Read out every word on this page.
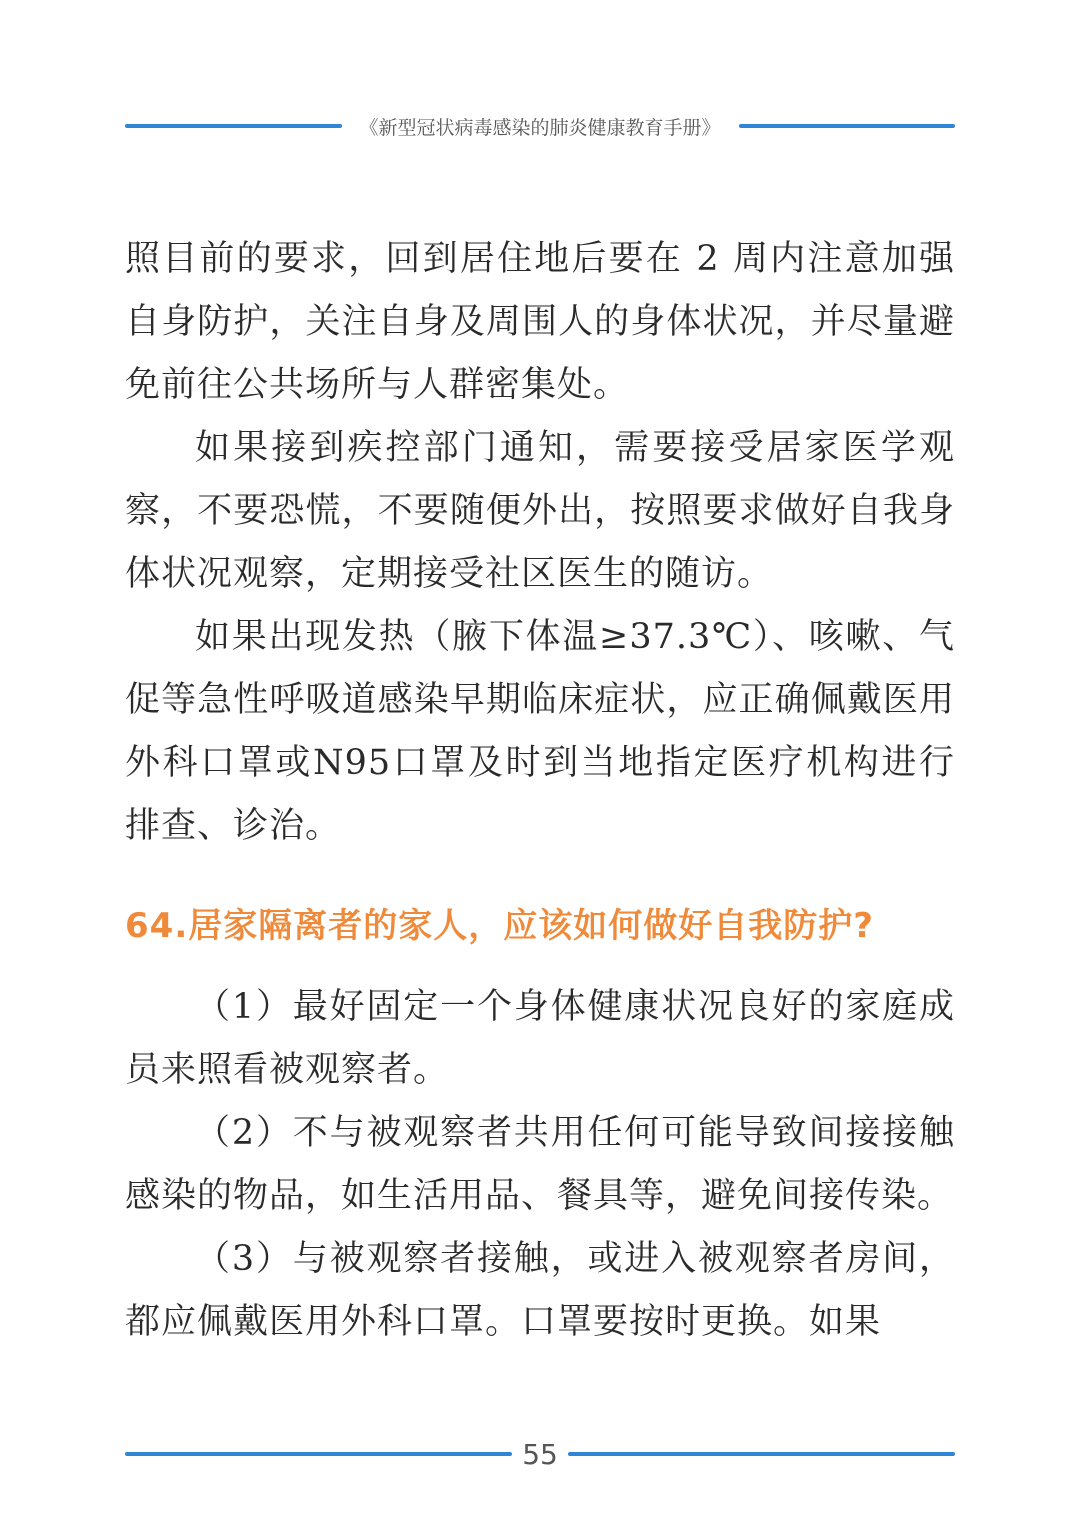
《新型冠状病毒感染的肺炎健康教育手册》

照目前的要求，回到居住地后要在 2 周内注意加强自身防护，关注自身及周围人的身体状况，并尽量避免前往公共场所与人群密集处。

如果接到疾控部门通知，需要接受居家医学观察，不要恐慌，不要随便外出，按照要求做好自我身体状况观察，定期接受社区医生的随访。

如果出现发热（腋下体温≥37.3℃）、咳嗽、气促等急性呼吸道感染早期临床症状，应正确佩戴医用外科口罩或N95口罩及时到当地指定医疗机构进行排查、诊治。

64.居家隔离者的家人，应该如何做好自我防护?

（1）最好固定一个身体健康状况良好的家庭成员来照看被观察者。

（2）不与被观察者共用任何可能导致间接接触感染的物品，如生活用品、餐具等，避免间接传染。

（3）与被观察者接触，或进入被观察者房间，都应佩戴医用外科口罩。口罩要按时更换。如果

55
